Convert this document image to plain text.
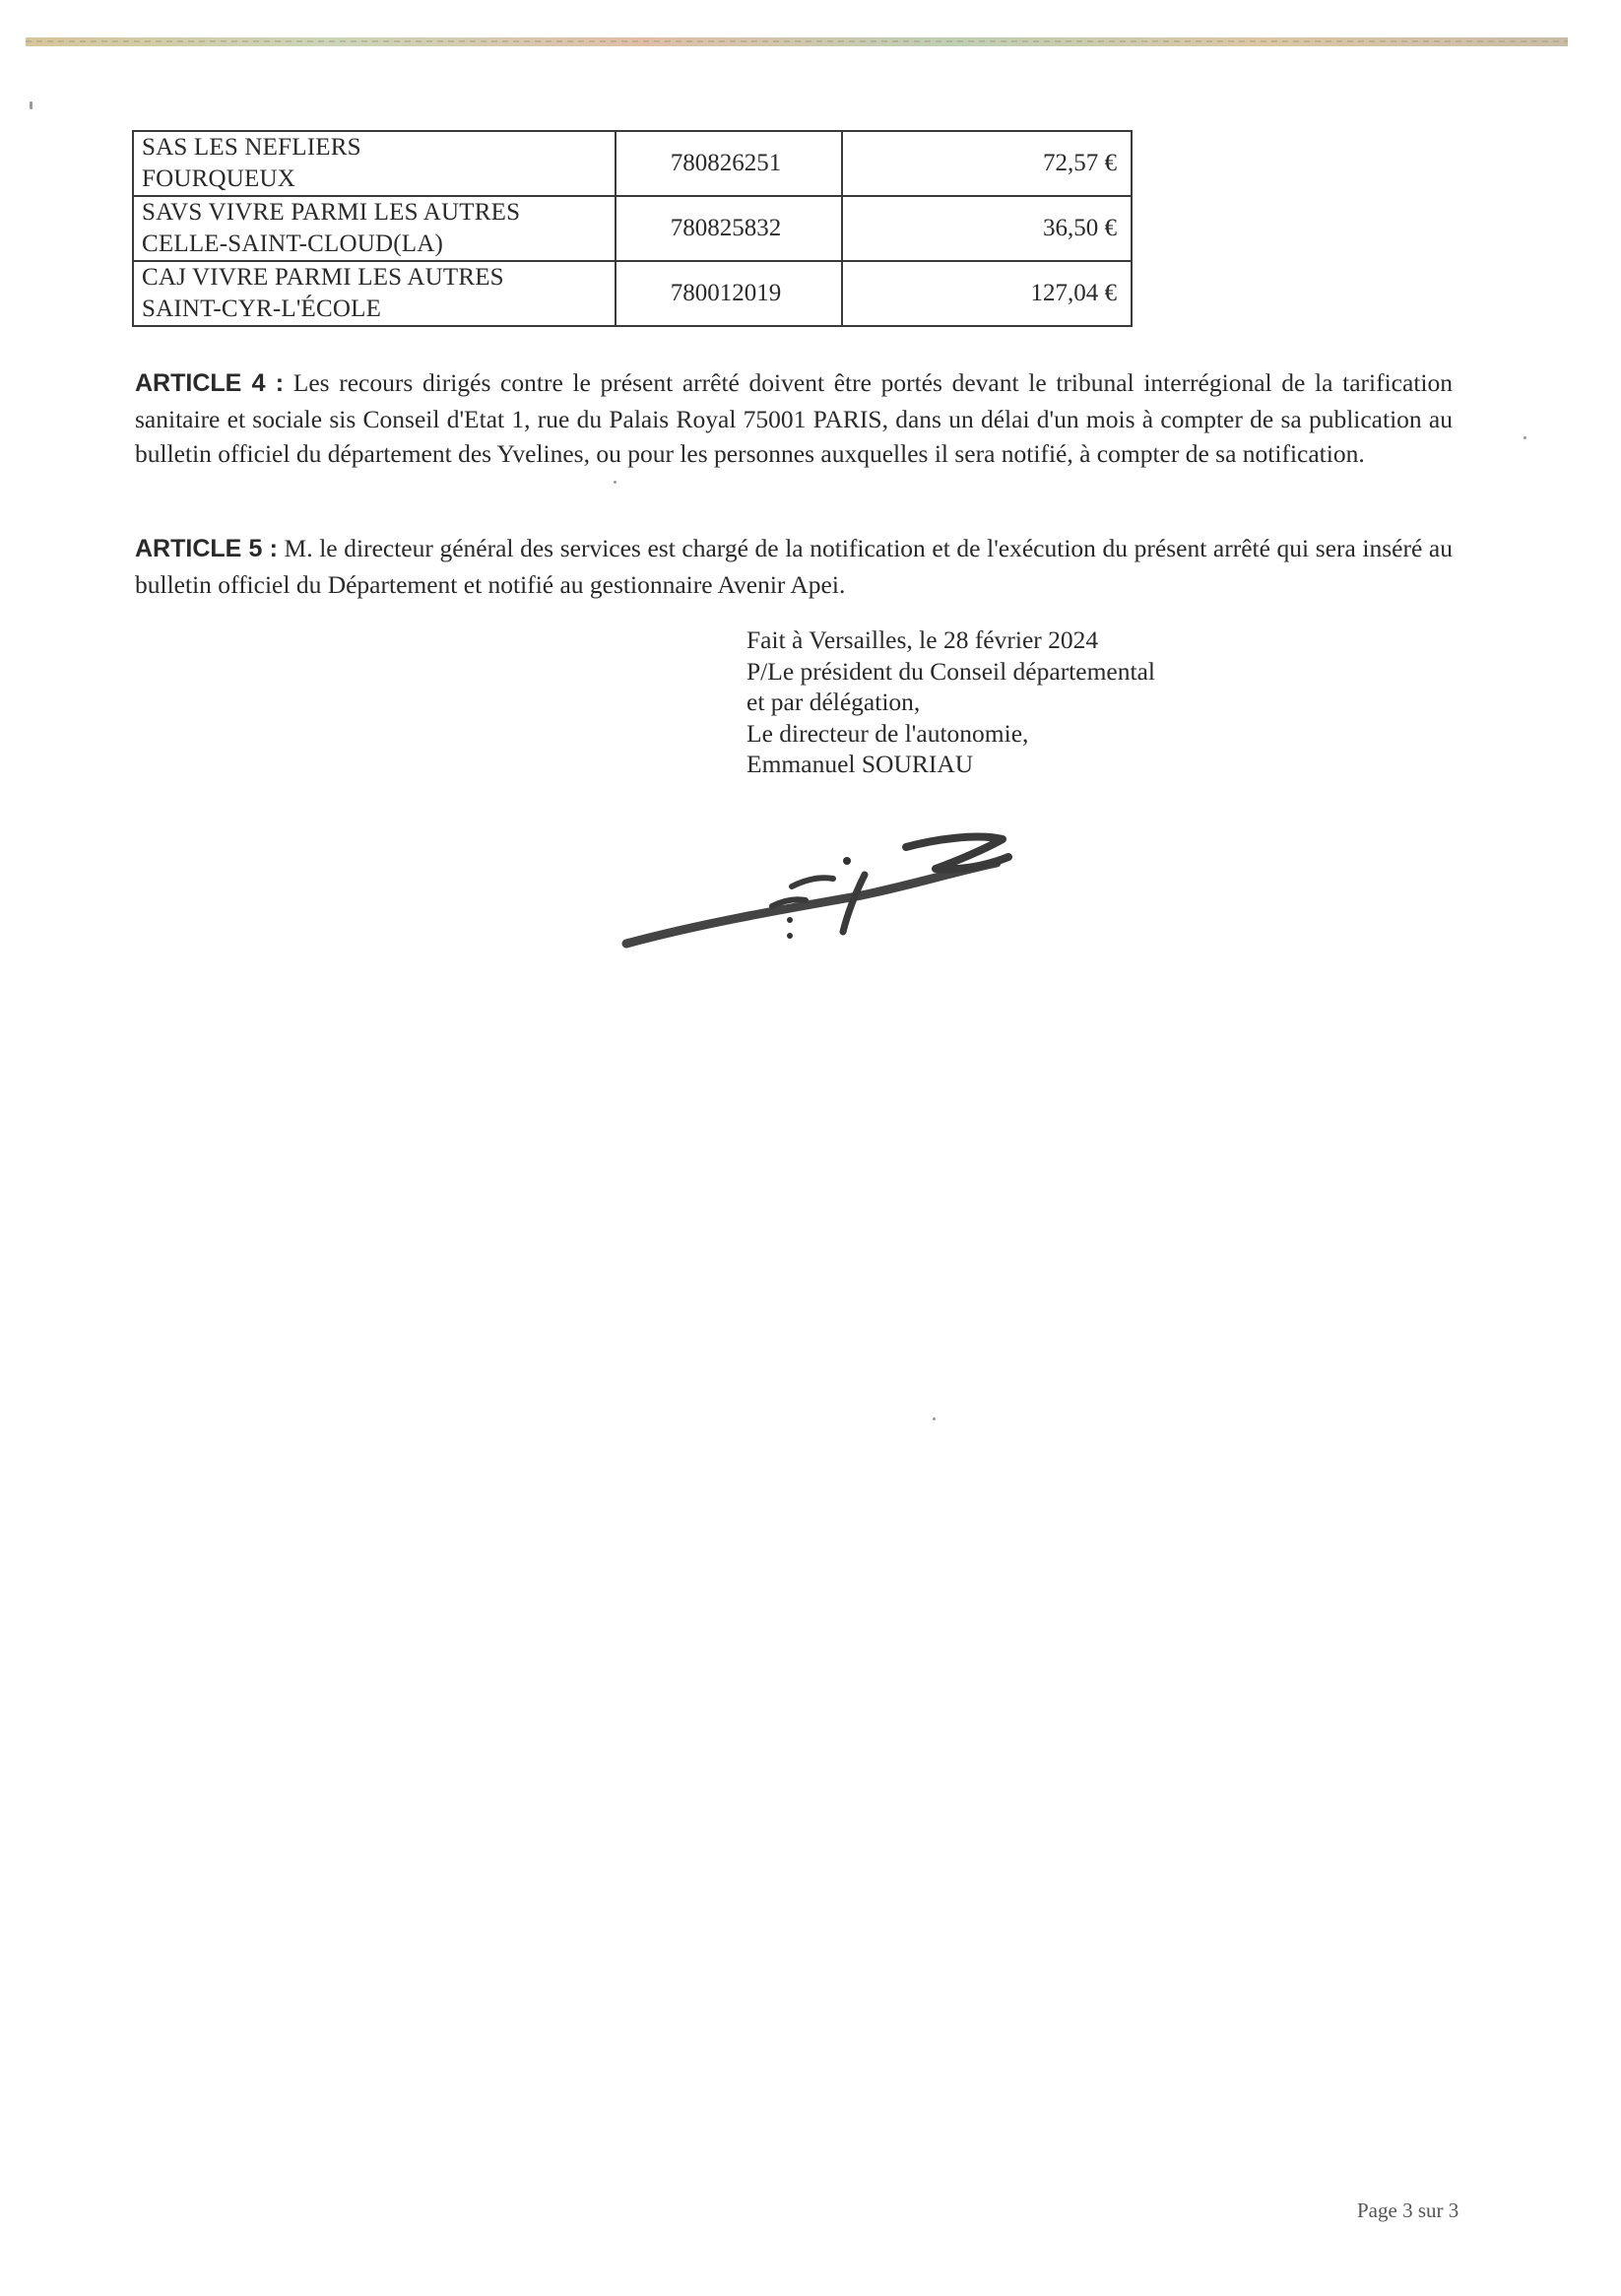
SAS LES NEFLIERS
FOURQUEUX	780826251	72,57 €

SAVS VIVRE PARMI LES AUTRES
CELLE-SAINT-CLOUD(LA)	780825832	36,50 €

CAJ VIVRE PARMI LES AUTRES
SAINT-CYR-L'ÉCOLE	780012019	127,04 €
ARTICLE 4 : Les recours dirigés contre le présent arrêté doivent être portés devant le tribunal interrégional de la tarification sanitaire et sociale sis Conseil d'Etat 1, rue du Palais Royal 75001 PARIS, dans un délai d'un mois à compter de sa publication au bulletin officiel du département des Yvelines, ou pour les personnes auxquelles il sera notifié, à compter de sa notification.
ARTICLE 5 : M. le directeur général des services est chargé de la notification et de l'exécution du présent arrêté qui sera inséré au bulletin officiel du Département et notifié au gestionnaire Avenir Apei.
Fait à Versailles, le 28 février 2024
P/Le président du Conseil départemental
et par délégation,
Le directeur de l'autonomie,
Emmanuel SOURIAU
Page 3 sur 3
